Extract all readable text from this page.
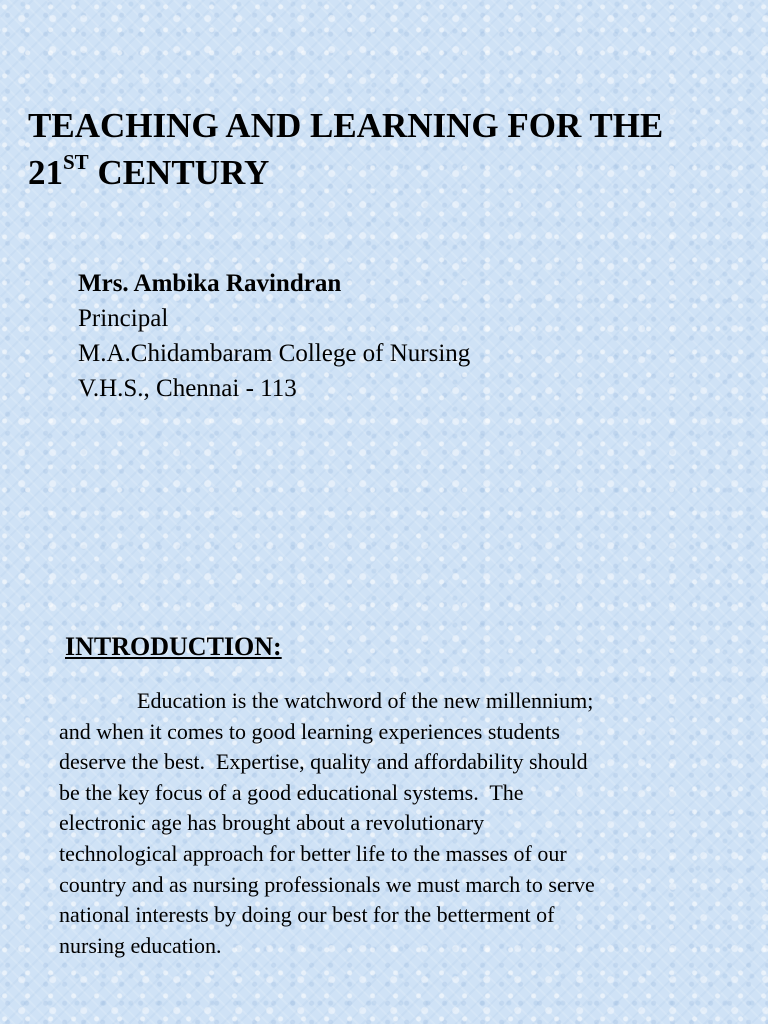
TEACHING AND LEARNING FOR THE
21ST CENTURY
Mrs. Ambika Ravindran
Principal
M.A.Chidambaram College of Nursing
V.H.S., Chennai - 113
INTRODUCTION:
Education is the watchword of the new millennium;
and when it comes to good learning experiences students
deserve the best.  Expertise, quality and affordability should
be the key focus of a good educational systems.  The
electronic age has brought about a revolutionary
technological approach for better life to the masses of our
country and as nursing professionals we must march to serve
national interests by doing our best for the betterment of
nursing education.
